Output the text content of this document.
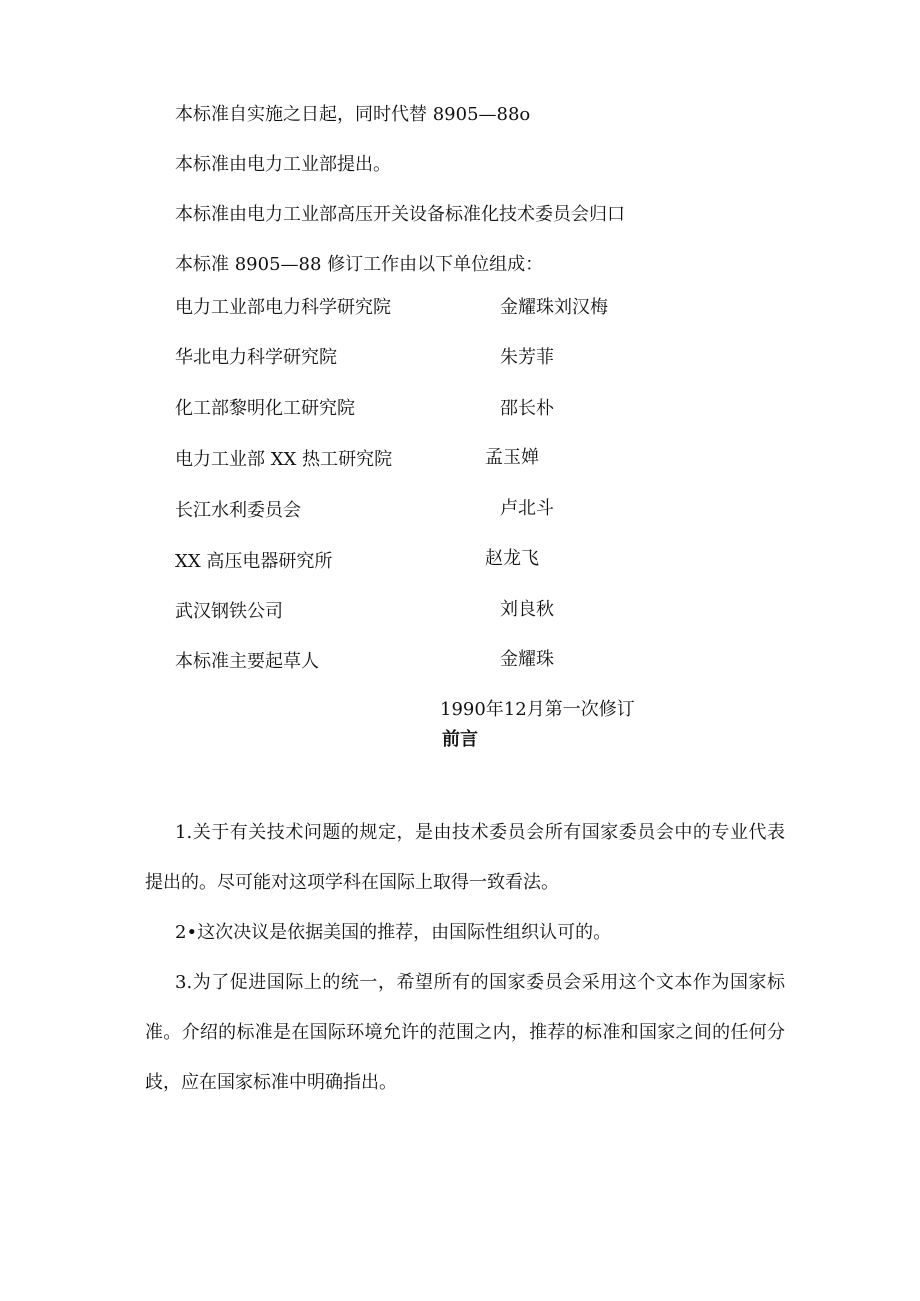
本标准自实施之日起，同时代替 8905—88o
本标准由电力工业部提出。
本标准由电力工业部高压开关设备标准化技术委员会归口
本标准 8905—88 修订工作由以下单位组成：
电力工业部电力科学研究院	金耀珠刘汉梅
华北电力科学研究院	朱芳菲
化工部黎明化工研究院	邵长朴
电力工业部 XX 热工研究院	孟玉婵
长江水利委员会	卢北斗
XX 高压电器研究所	赵龙飞
武汉钢铁公司	刘良秋
本标准主要起草人	金耀珠
1990年12月第一次修订
前言
1.关于有关技术问题的规定，是由技术委员会所有国家委员会中的专业代表提出的。尽可能对这项学科在国际上取得一致看法。
2•这次决议是依据美国的推荐，由国际性组织认可的。
3.为了促进国际上的统一，希望所有的国家委员会采用这个文本作为国家标准。介绍的标准是在国际环境允许的范围之内，推荐的标准和国家之间的任何分歧，应在国家标准中明确指出。
